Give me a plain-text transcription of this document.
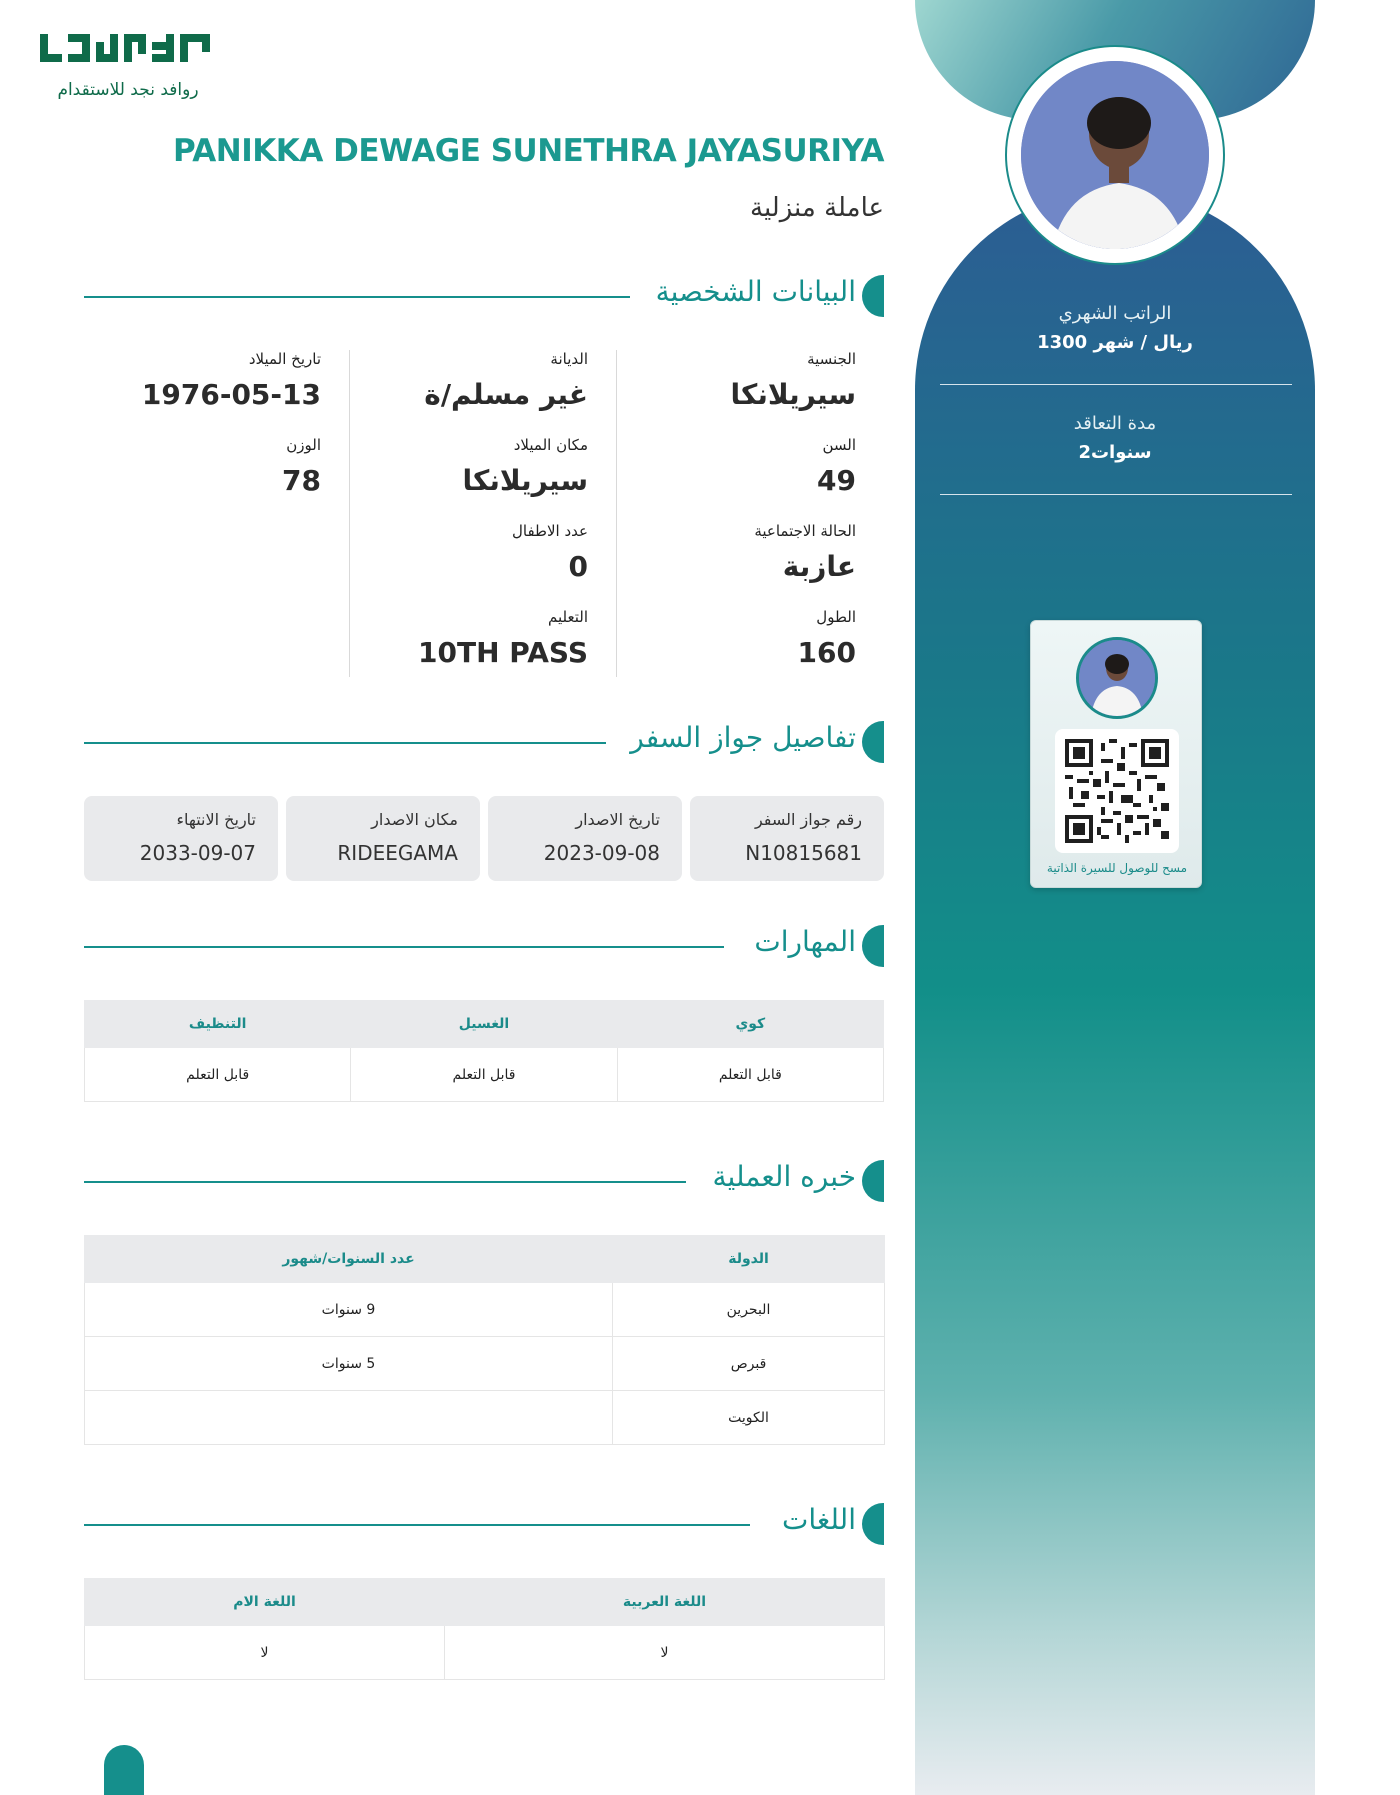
الراتب الشهري
1300 ريال / شهر
مدة التعاقد
2سنوات
مسح للوصول للسيرة الذاتية
روافد نجد للاستقدام
PANIKKA DEWAGE SUNETHRA JAYASURIYA
عاملة منزلية
البيانات الشخصية
الجنسية
سيريلانكا
السن
49
الحالة الاجتماعية
عازبة
الطول
160
الديانة
غير مسلم/ة
مكان الميلاد
سيريلانكا
عدد الاطفال
0
التعليم
10TH PASS
تاريخ الميلاد
1976-05-13
الوزن
78
تفاصيل جواز السفر
رقم جواز السفر
N10815681
تاريخ الاصدار
2023-09-08
مكان الاصدار
RIDEEGAMA
تاريخ الانتهاء
2033-09-07
المهارات
كوي	الغسيل	التنظيف
قابل التعلم	قابل التعلم	قابل التعلم
خبره العملية
الدولة	عدد السنوات/شهور
البحرين	9 سنوات
قبرص	5 سنوات
الكويت	
اللغات
اللغة العربية	اللغة الام
لا	لا
